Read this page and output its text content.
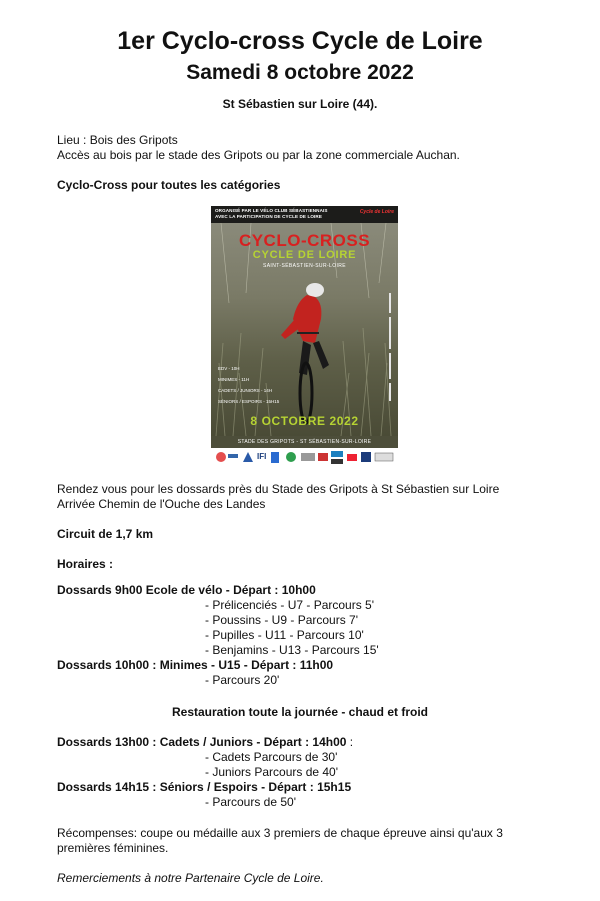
1er Cyclo-cross Cycle de Loire
Samedi 8 octobre 2022
St Sébastien sur Loire (44).

Lieu : Bois des Gripots

Accès au bois par le stade des Gripots ou par la zone commerciale Auchan.

Cyclo-Cross pour toutes les catégories

ORGANISÉ PAR LE VÉLO CLUB SÉBASTIENNAIS
AVEC LA PARTICIPATION DE CYCLE DE LOIRE
Cycle de Loire
CYCLO-CROSS
CYCLE DE LOIRE
SAINT-SÉBASTIEN-SUR-LOIRE
EDV - 10H
MINIMES - 11H
CADETS / JUNIORS - 14H
SÉNIORS / ESPOIRS - 15H15
8 OCTOBRE 2022
STADE DES GRIPOTS - ST SÉBASTIEN-SUR-LOIRE
IFI

Rendez vous pour les dossards près du Stade des Gripots à St Sébastien sur Loire

Arrivée Chemin de l'Ouche des Landes

Circuit de 1,7 km

Horaires :

Dossards 9h00 Ecole de vélo - Départ : 10h00

- Prélicenciés - U7 - Parcours 5'

- Poussins - U9 - Parcours 7'

- Pupilles - U11 - Parcours 10'

- Benjamins - U13 - Parcours 15'

Dossards 10h00 : Minimes - U15 - Départ : 11h00

- Parcours 20'

Restauration toute la journée - chaud et froid

Dossards 13h00 : Cadets / Juniors - Départ : 14h00 :

- Cadets Parcours de 30'

- Juniors Parcours de 40'

Dossards 14h15 : Séniors / Espoirs - Départ : 15h15

- Parcours de 50'

Récompenses: coupe ou médaille aux 3 premiers de chaque épreuve ainsi qu'aux 3

premières féminines.

Remerciements à notre Partenaire Cycle de Loire.
